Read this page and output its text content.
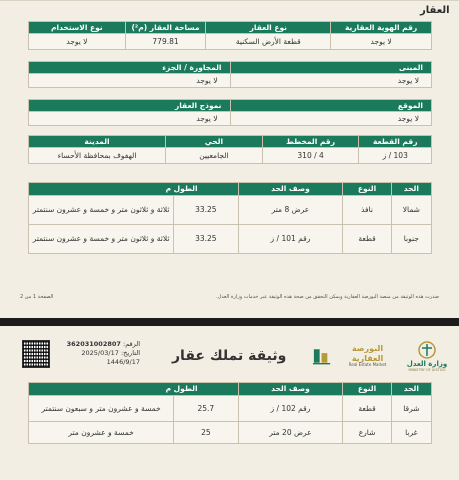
العقار
رقم الهوية العقارية	نوع العقار	مساحة العقار (م²)	نوع الاستخدام
لا يوجد	قطعة الأرض السكنية	779.81	لا يوجد
المبنى	المجاورة / الجزء
لا يوجد	لا يوجد
الموقع	نموذج العقار
لا يوجد	لا يوجد
رقم القطعة	رقم المخطط	الحي	المدينة
103 / ز	4 / 310	الجامعيين	الهفوف بمحافظة الأحساء
الحد	النوع	وصف الحد	الطول م	
شمالا	نافذ	عرض 8 متر	33.25	ثلاثة و ثلاثون متر و خمسة و عشرون سنتمتر
جنوبا	قطعة	رقم 101 / ز	33.25	ثلاثة و ثلاثون متر و خمسة و عشرون سنتمتر
صدرت هذه الوثيقة من منصة البورصة العقارية ويمكن التحقق من صحة هذه الوثيقة عبر خدمات وزارة العدل.
الصفحة 1 من 2
وزارة العدل
MINISTRY OF JUSTICE
البورصة العقارية
Real Estate Market
وثيقة تملك عقار
الرقم: 362031002807
التاريخ: 2025/03/17
1446/9/17
الحد	النوع	وصف الحد	الطول م	
شرقا	قطعة	رقم 102 / ز	25.7	خمسة و عشرون متر و سبعون سنتمتر
غربا	شارع	عرض 20 متر	25	خمسة و عشرون متر
